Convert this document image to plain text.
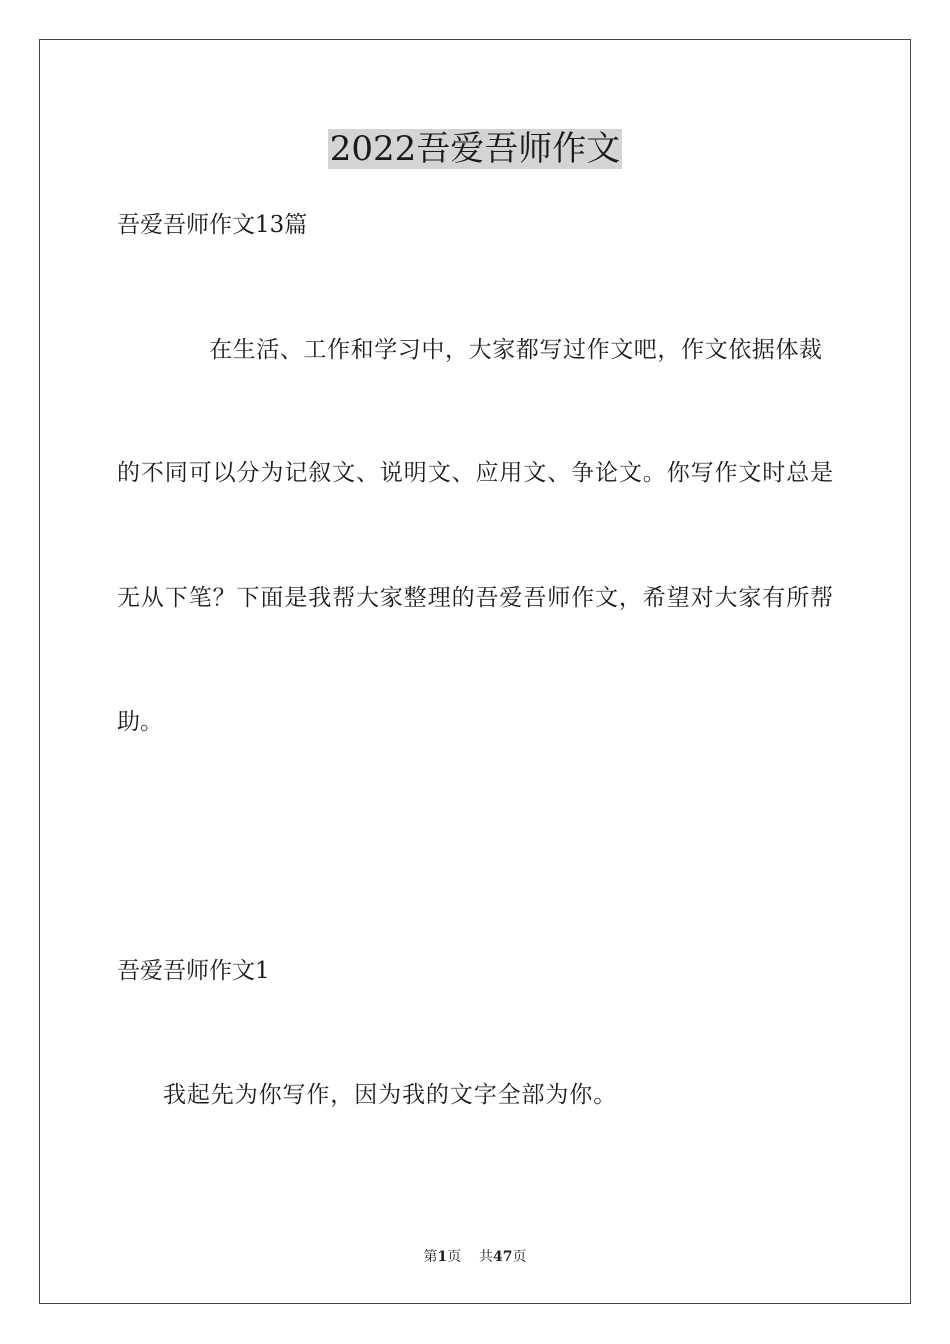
2022吾爱吾师作文
吾爱吾师作文13篇
在生活、工作和学习中，大家都写过作文吧，作文依据体裁
的不同可以分为记叙文、说明文、应用文、争论文。你写作文时总是
无从下笔？下面是我帮大家整理的吾爱吾师作文，希望对大家有所帮
助。
吾爱吾师作文1
我起先为你写作，因为我的文字全部为你。
第1页 共47页
